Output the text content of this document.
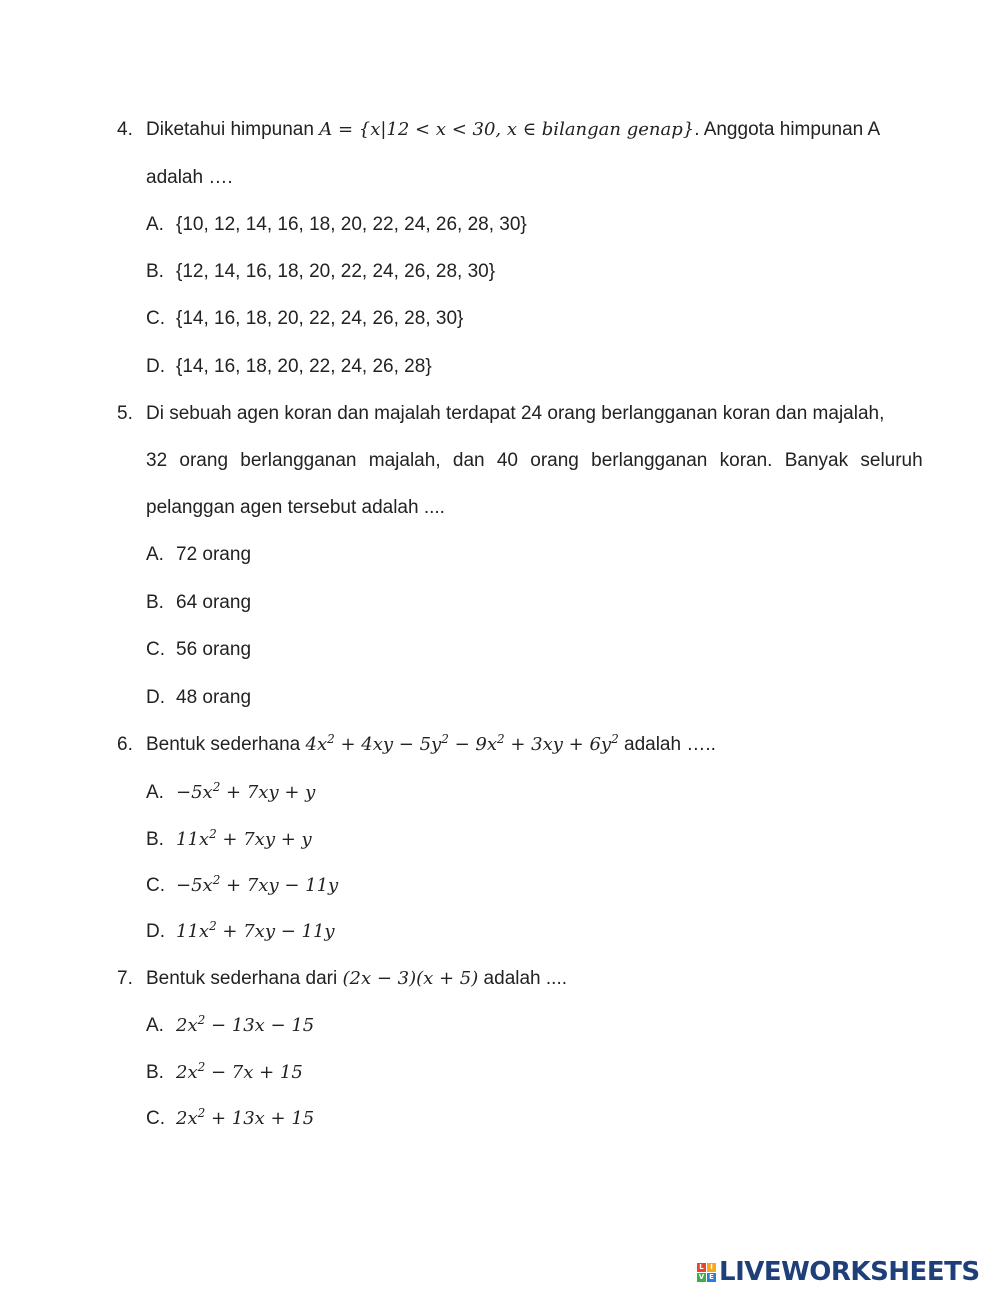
4. Diketahui himpunan A = {x|12 < x < 30, x ∈ bilangan genap}. Anggota himpunan A
adalah ….
A. {10, 12, 14, 16, 18, 20, 22, 24, 26, 28, 30}
B. {12, 14, 16, 18, 20, 22, 24, 26, 28, 30}
C. {14, 16, 18, 20, 22, 24, 26, 28, 30}
D. {14, 16, 18, 20, 22, 24, 26, 28}
5. Di sebuah agen koran dan majalah terdapat 24 orang berlangganan koran dan majalah,
32 orang berlangganan majalah, dan 40 orang berlangganan koran. Banyak seluruh
pelanggan agen tersebut adalah ....
A. 72 orang
B. 64 orang
C. 56 orang
D. 48 orang
6. Bentuk sederhana $4x^2 + 4xy - 5y^2 - 9x^2 + 3xy + 6y^2$ adalah …..
A. $-5x^2 + 7xy + y$
B. $11x^2 + 7xy + y$
C. $-5x^2 + 7xy - 11y$
D. $11x^2 + 7xy - 11y$
7. Bentuk sederhana dari (2x − 3)(x + 5) adalah ....
A. $2x^2 - 13x - 15$
B. $2x^2 - 7x + 15$
C. $2x^2 + 13x + 15$
L I
V E LIVEWORKSHEETS
